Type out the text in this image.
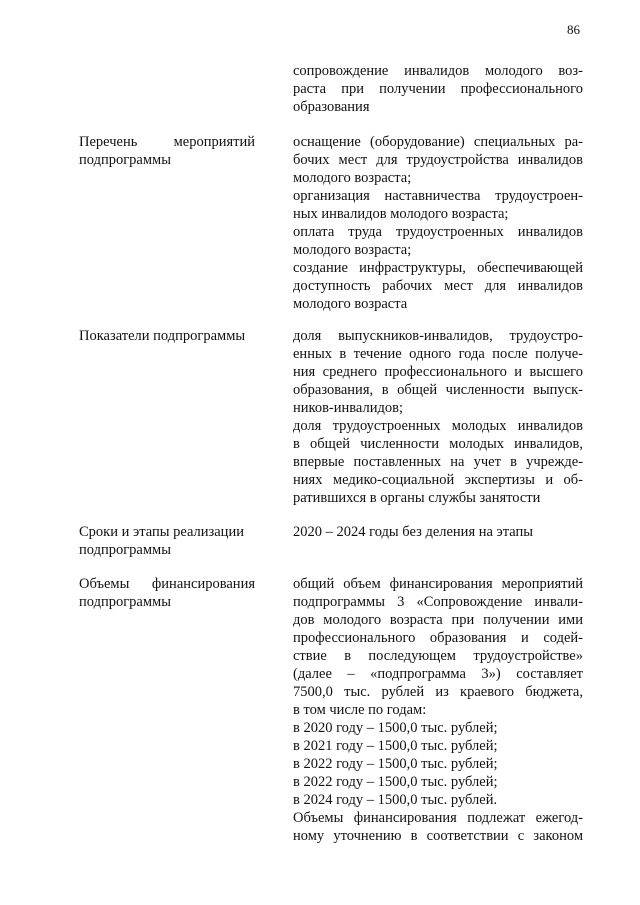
86
сопровождение инвалидов молодого воз-
раста при получении профессионального
образования
Перечень мероприятий
подпрограммы
оснащение (оборудование) специальных ра-
бочих мест для трудоустройства инвалидов
молодого возраста;
организация наставничества трудоустроен-
ных инвалидов молодого возраста;
оплата труда трудоустроенных инвалидов
молодого возраста;
создание инфраструктуры, обеспечивающей
доступность рабочих мест для инвалидов
молодого возраста
Показатели подпрограммы	доля выпускников-инвалидов, трудоустро-
енных в течение одного года после получе-
ния среднего профессионального и высшего
образования, в общей численности выпуск-
ников-инвалидов;
доля трудоустроенных молодых инвалидов
в общей численности молодых инвалидов,
впервые поставленных на учет в учрежде-
ниях медико-социальной экспертизы и об-
ратившихся в органы службы занятости
Сроки и этапы реализации
подпрограммы
2020 – 2024 годы без деления на этапы
Объемы финансирования
подпрограммы
общий объем финансирования мероприятий
подпрограммы 3 «Сопровождение инвали-
дов молодого возраста при получении ими
профессионального образования и содей-
ствие в последующем трудоустройстве»
(далее – «подпрограмма 3») составляет
7500,0 тыс. рублей из краевого бюджета,
в том числе по годам:
в 2020 году – 1500,0 тыс. рублей;
в 2021 году – 1500,0 тыс. рублей;
в 2022 году – 1500,0 тыс. рублей;
в 2022 году – 1500,0 тыс. рублей;
в 2024 году – 1500,0 тыс. рублей.
Объемы финансирования подлежат ежегод-
ному уточнению в соответствии с законом
